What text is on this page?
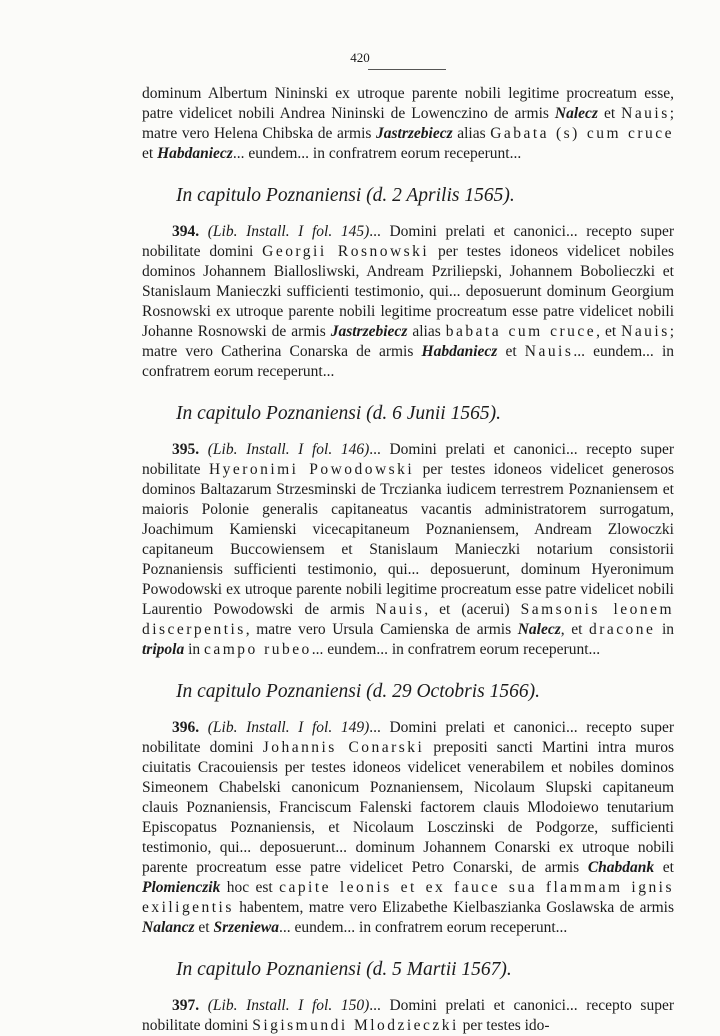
420

dominum Albertum Nininski ex utroque parente nobili legitime procreatum esse, patre videlicet nobili Andrea Nininski de Lowenczino de armis Nalecz et Nauis; matre vero Helena Chibska de armis Jastrzebiecz alias Gabata (s) cum cruce et Habdaniecz... eundem... in confratrem eorum receperunt...

In capitulo Poznaniensi (d. 2 Aprilis 1565).

394. (Lib. Install. I fol. 145)... Domini prelati et canonici... recepto super nobilitate domini Georgii Rosnowski per testes idoneos videlicet nobiles dominos Johannem Biallosliwski, Andream Pzriliepski, Johannem Bobolieczki et Stanislaum Manieczki sufficienti testimonio, qui... deposuerunt dominum Georgium Rosnowski ex utroque parente nobili legitime procreatum esse patre videlicet nobili Johanne Rosnowski de armis Jastrzebiecz alias babata cum cruce, et Nauis; matre vero Catherina Conarska de armis Habdaniecz et Nauis... eundem... in confratrem eorum receperunt...

In capitulo Poznaniensi (d. 6 Junii 1565).

395. (Lib. Install. I fol. 146)... Domini prelati et canonici... recepto super nobilitate Hyeronimi Powodowski per testes idoneos videlicet generosos dominos Baltazarum Strzesminski de Trczianka iudicem terrestrem Poznaniensem et maioris Polonie generalis capitaneatus vacantis administratorem surrogatum, Joachimum Kamienski vicecapitaneum Poznaniensem, Andream Zlowoczki capitaneum Buccowiensem et Stanislaum Manieczki notarium consistorii Poznaniensis sufficienti testimonio, qui... deposuerunt, dominum Hyeronimum Powodowski ex utroque parente nobili legitime procreatum esse patre videlicet nobili Laurentio Powodowski de armis Nauis, et (acerui) Samsonis leonem discerpentis, matre vero Ursula Camienska de armis Nalecz, et dracone in tripola in campo rubeo... eundem... in confratrem eorum receperunt...

In capitulo Poznaniensi (d. 29 Octobris 1566).

396. (Lib. Install. I fol. 149)... Domini prelati et canonici... recepto super nobilitate domini Johannis Conarski prepositi sancti Martini intra muros ciuitatis Cracouiensis per testes idoneos videlicet venerabilem et nobiles dominos Simeonem Chabelski canonicum Poznaniensem, Nicolaum Slupski capitaneum clauis Poznaniensis, Franciscum Falenski factorem clauis Mlodoiewo tenutarium Episcopatus Poznaniensis, et Nicolaum Losczinski de Podgorze, sufficienti testimonio, qui... deposuerunt... dominum Johannem Conarski ex utroque nobili parente procreatum esse patre videlicet Petro Conarski, de armis Chabdank et Plomienczik hoc est capite leonis et ex fauce sua flammam ignis exiligentis habentem, matre vero Elizabethe Kielbaszianka Goslawska de armis Nalancz et Srzeniewa... eundem... in confratrem eorum receperunt...

In capitulo Poznaniensi (d. 5 Martii 1567).

397. (Lib. Install. I fol. 150)... Domini prelati et canonici... recepto super nobilitate domini Sigismundi Mlodzieczki per testes ido-
